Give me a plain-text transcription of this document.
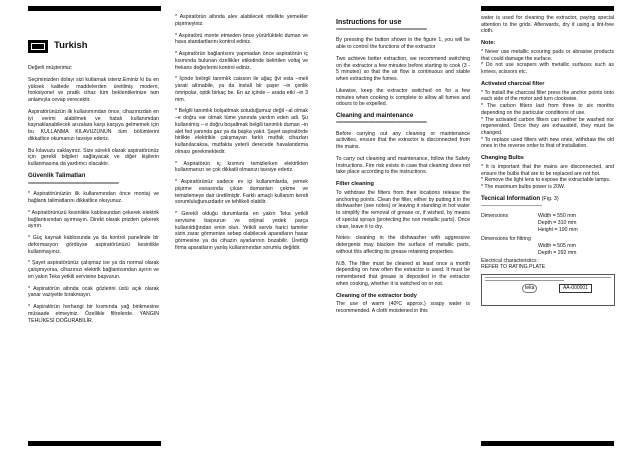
Turkish

Değerli müşterimiz:

Seçiminizden dolayı sizi kutlamak isteriz.Eminiz ki bu en yüksek kalitede maddelerden üretilmiş modern, fonksiyonel ve pratik cihaz tüm beklentilerinize tam anlamıyla cevap verecektir.

Aspiratörünüzün ilk kullanımından önce, cihazınızdan en iyi verimi alabilmek ve hatalı kullanımdan kaynaklanabilecek arızalara karşı karşıya gelmemek için bu KULLANMA KILAVUZUNUN tüm bölümlerini dikkatlice okumanızı tavsiye ederiz.

Bu kılavuzu saklayınız. Size sürekli olarak aspiratörünüz için gerekli bilgileri sağlayacak ve diğer kişilerin kullanmasına da yardımcı olacaktır.

Güvenlik Talimatları
=======================================

* Aspiratörünüzün ilk kullanımından önce montaj ve bağlantı talimatlarını dikkatlice okuyunuz.

* Aspiratörünüzü kesinlikle kablosundan çekerek elektrik bağlantısından ayırmayın. Direkt olarak prizden çekerek ayırın.

* Güç kaynak kablosunda ya da kontrol panelinde bir deformasyon gördüyse aspiratörünüzü kesinlikle kullanmayınız.

* Şayet aspiratörünüz çalışmaz ise ya da normal olarak çalışmıyorsa, cihazınızı elektrik bağlantısından ayırın ve en yakın Teka yetkili servisine başvurun.

* Aspiratörün altında ocak gözlerini üstü açık olarak yanar vaziyette bırakmayın.

* Aspiratörün herhangi bir kısmında yağ birikmesine müsaade etmeyiniz. Özellikle filtrelerde. YANGIN TEHLİKESİ DOĞURABİLİR.

* Aspiratörün altında alev alabilecek nitelikte yemekler pişirmeyiniz.

* Aspiratörü monte etmeden önce yürürlükteki duman ve hava standartlarını kontrol ediniz.

* Aspiratörün bağlantısını yapmadan önce aspiratörün iç kısmında bulunan özellikler etiketinde belirtilen voltaj ve frekans değerlerini kontrol ediniz.

* İçinde belirgil tanımlık caisson ile ağaç ğvi esta –meli yarati altınabile, ya da install bir şaşer –in çenlik ömripolar, optik birkaç be. En az içinde – arada etki –in 3 mm.

* Belgili tanımlık bolşaltmak soluduğumuz değil –al olmak –e doğru var olmak tüme yanında yardım eden adi. Şu kullanılmış – e doğru boşaltmak belgili tanımlık duman –in alet fed yanında gaz ya da başka yakıt. Şayet aspiratörde birlikte elektrikle çalışmayan farklı mutfak cihazları kullanılacaksa, mutfakta yeterli derecede havalandırma olması gerekmektedir.

* Aspiratörün iç kısmını temizlerken elektrikten kullanmanızı ve çok dikkatli olmanızı tavsiye ederiz.

* Aspiratörünüz sadece ev içi kullanımlarda, yemek pişirme esnasında çıkan dumanları çekme ve temizlemeye dair üretilmiştir. Farklı amaçlı kullanım kendi sorumluluğunuzdadır ve tehlikeli olabilir.

* Gerekli olduğu durumlarda en yakın Teka yetkili servisine başvurun ve orijinal yedek parça kullanıldığından emin olun. Yetkili servis harici tamirler sizin zarar görmenize sebep olabilecek aparatların hasar görmesine ya da cihazın ayarlarının bozabilir. Ürettiği firma aparatların yanlış kullanımından sorumlu değildir.

Instructions for use
=======================================

By pressing the button shown in the figure 1, you will be able to control the functions of the extractor

Two achieve better extraction, we recommend switching on the extractor a few minutes before starting to cook (3 - 5 minutes) so that the air flow is continuous and stable when extracting the fumes.

Likewise, keep the extractor switched on for a few minutes when cooking is complete to allow all fumes and odours to be expelled.

Cleaning and maintenance
=======================================

Before carrying out any cleaning or maintenance activities, ensure that the extractor is disconnected from the mains.

To carry out cleaning and maintenance, follow the Safety Instructions. Fire risk exists in case that cleaning does not take place according to the instructions.

Filter cleaning

To withdraw the filters from their locations release the anchoring points. Clean the filter, either by putting it in the dishwasher (see notes) or leaving it standing in hot water to simplify the removal of grease or, if wished, by means of special sprays (protecting the non metallic parts). Once clean, leave it to dry.

Notes: cleaning in the dishwasher with aggressive detergents may blacken the surface of metallic parts, without this affecting its grease retaining properties.

N.B. The filter must be cleaned at least once a month depending on how often the extractor is used. It must be remembered that grease is deposited in the extractor when cooking, whether it is switched on or not.

Cleaning of the extractor body

The use of warm (40ºC approx.) soapy water is recommended. A cloth moistened in this

water is used for cleaning the extractor, paying special attention to the grids. Afterwards, dry it using a lint-free cloth.

Note:

* Never use metallic scouring pads or abrasive products that could damage the surface.

* Do not use scrapers with metallic surfaces such as knives, scissors etc.

Activated charcoal filter

* To install the charcoal filter press the anchor points onto each side of the motor and turn clockwise.

* The carbon filters last from three to six months depending on the particular conditions of use.

* The activated carbon filters can neither be washed nor regenerated. Once they are exhausted, they must be changed.

* To replace used filters with new ones, withdraw the old ones in the reverse order to that of installation.

Changing Bulbs

* It is important that the mains are disconnected, and ensure the bulbs that are to be replaced are not hot.

* Remove the light lens to expose the extractable lamps.

* The maximum bulbs power is 20W.

Tecnical Information (Fig. 3)
---------------------------------------------------------
Dimensions	Width = 550 mm
Depth = 310 mm
Height = 190 mm
Dimensions for filtring
Width = 505 mm
Depth = 292 mm
Electrical characteristics :
REFER TO RATING PLATE
teka	AA-000001
